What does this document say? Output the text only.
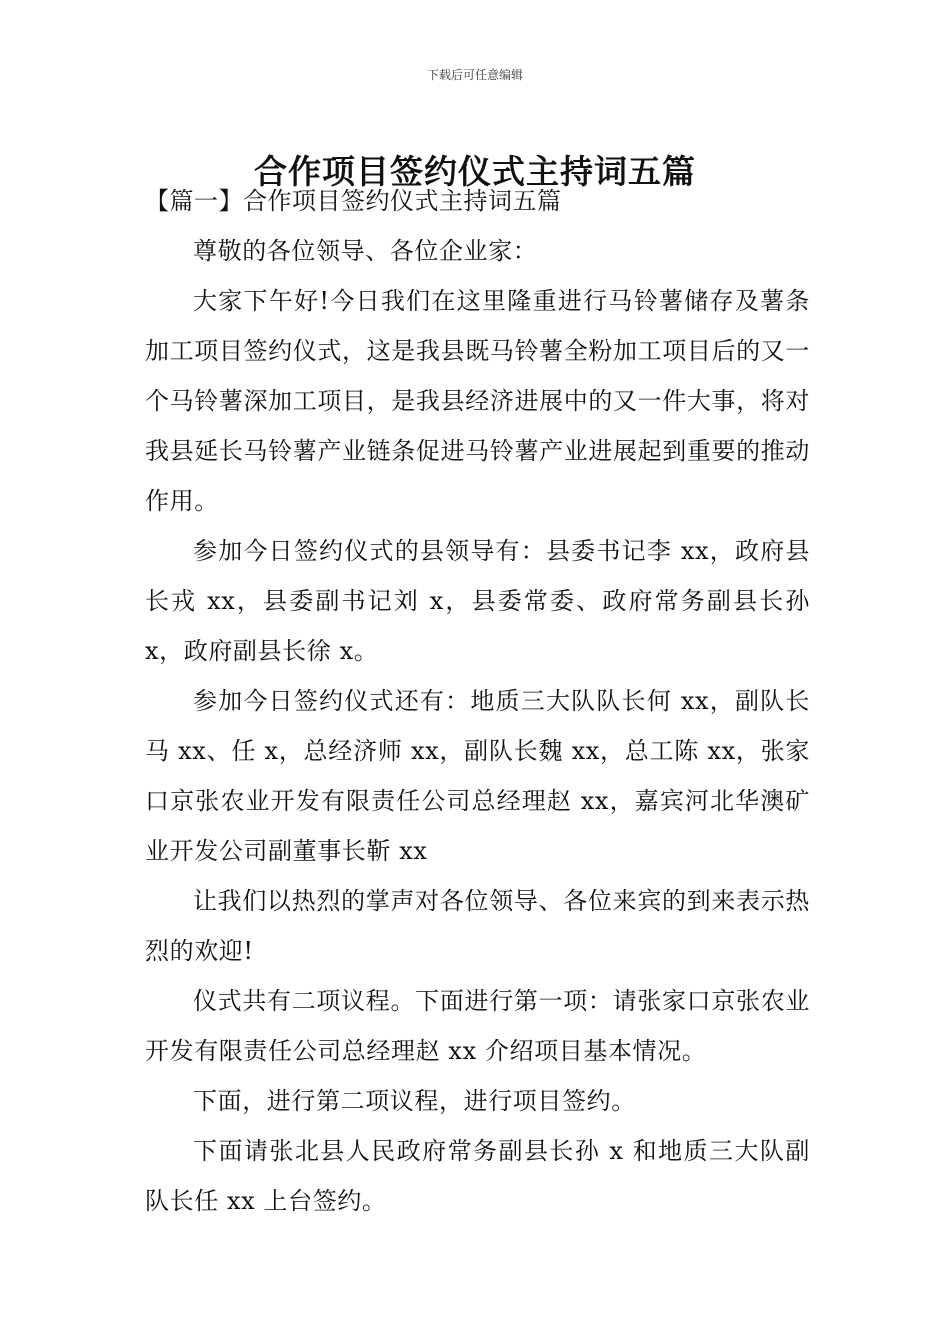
下载后可任意编辑
合作项目签约仪式主持词五篇
【篇一】合作项目签约仪式主持词五篇

尊敬的各位领导、各位企业家：

大家下午好!今日我们在这里隆重进行马铃薯储存及薯条加工项目签约仪式，这是我县既马铃薯全粉加工项目后的又一个马铃薯深加工项目，是我县经济进展中的又一件大事，将对我县延长马铃薯产业链条促进马铃薯产业进展起到重要的推动作用。

参加今日签约仪式的县领导有：县委书记李 xx，政府县长戎 xx，县委副书记刘 x，县委常委、政府常务副县长孙 x，政府副县长徐 x。

参加今日签约仪式还有：地质三大队队长何 xx，副队长马 xx、任 x，总经济师 xx，副队长魏 xx，总工陈 xx，张家口京张农业开发有限责任公司总经理赵 xx，嘉宾河北华澳矿业开发公司副董事长靳 xx

让我们以热烈的掌声对各位领导、各位来宾的到来表示热烈的欢迎!

仪式共有二项议程。下面进行第一项：请张家口京张农业开发有限责任公司总经理赵 xx 介绍项目基本情况。

下面，进行第二项议程，进行项目签约。

下面请张北县人民政府常务副县长孙 x 和地质三大队副队长任 xx 上台签约。
